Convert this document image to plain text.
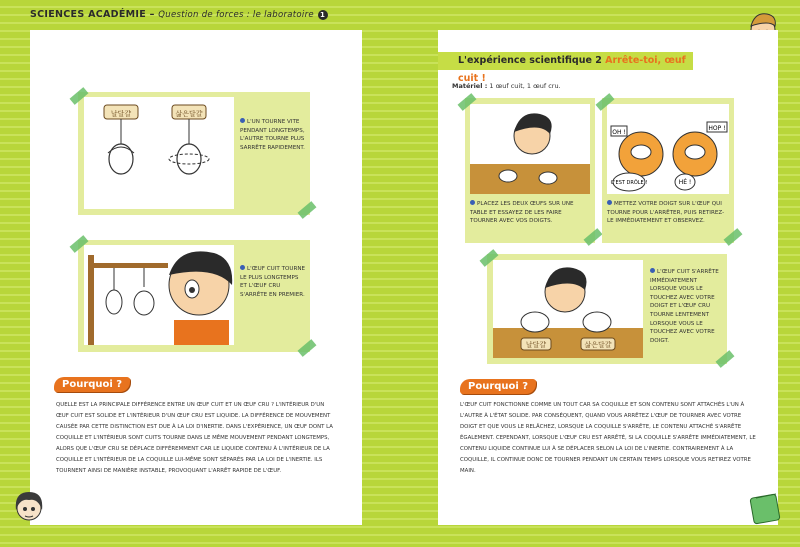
SCIENCES ACADÉMIE – Question de forces : le laboratoire 1
날달걀	삶은달걀
L'UN TOURNE VITE PENDANT LONGTEMPS, L'AUTRE TOURNE PLUS SARRÊTE RAPIDEMENT.
L'ŒUF CUIT TOURNE LE PLUS LONGTEMPS ET L'ŒUF CRU S'ARRÊTE EN PREMIER.
Pourquoi ?
QUELLE EST LA PRINCIPALE DIFFÉRENCE ENTRE UN ŒUF CUIT ET UN ŒUF CRU ? L'INTÉRIEUR D'UN ŒUF CUIT EST SOLIDE ET L'INTÉRIEUR D'UN ŒUF CRU EST LIQUIDE. LA DIFFÉRENCE DE MOUVEMENT CAUSÉE PAR CETTE DISTINCTION EST DUE À LA LOI D'INERTIE. DANS L'EXPÉRIENCE, UN ŒUF DONT LA COQUILLE ET L'INTÉRIEUR SONT CUITS TOURNE DANS LE MÊME MOUVEMENT PENDANT LONGTEMPS, ALORS QUE L'ŒUF CRU SE DÉPLACE DIFFÉREMMENT CAR LE LIQUIDE CONTENU À L'INTÉRIEUR DE LA COQUILLE ET L'INTÉRIEUR DE LA COQUILLE LUI-MÊME SONT SÉPARÉS PAR LA LOI DE L'INERTIE. ILS TOURNENT AINSI DE MANIÈRE INSTABLE, PROVOQUANT L'ARRÊT RAPIDE DE L'ŒUF.
L'expérience scientifique 2 Arrête-toi, œuf cuit !
Matériel : 1 œuf cuit, 1 œuf cru.
PLACEZ LES DEUX ŒUFS SUR UNE TABLE ET ESSAYEZ DE LES FAIRE TOURNER AVEC VOS DOIGTS.
OH !
HOP !
C'EST DRÔLE !	HÉ !
METTEZ VOTRE DOIGT SUR L'ŒUF QUI TOURNE POUR L'ARRÊTER, PUIS RETIREZ-LE IMMÉDIATEMENT ET OBSERVEZ.
날달걀	삶은달걀
L'ŒUF CUIT S'ARRÊTE IMMÉDIATEMENT LORSQUE VOUS LE TOUCHEZ AVEC VOTRE DOIGT ET L'ŒUF CRU TOURNE LENTEMENT LORSQUE VOUS LE TOUCHEZ AVEC VOTRE DOIGT.
Pourquoi ?
L'ŒUF CUIT FONCTIONNE COMME UN TOUT CAR SA COQUILLE ET SON CONTENU SONT ATTACHÉS L'UN À L'AUTRE À L'ÉTAT SOLIDE. PAR CONSÉQUENT, QUAND VOUS ARRÊTEZ L'ŒUF DE TOURNER AVEC VOTRE DOIGT ET QUE VOUS LE RELÂCHEZ, LORSQUE LA COQUILLE S'ARRÊTE, LE CONTENU ATTACHÉ S'ARRÊTE ÉGALEMENT. CEPENDANT, LORSQUE L'ŒUF CRU EST ARRÊTÉ, SI LA COQUILLE S'ARRÊTE IMMÉDIATEMENT, LE CONTENU LIQUIDE CONTINUE LUI À SE DÉPLACER SELON LA LOI DE L'INERTIE. CONTRAIREMENT À LA COQUILLE, IL CONTINUE DONC DE TOURNER PENDANT UN CERTAIN TEMPS LORSQUE VOUS RETIREZ VOTRE MAIN.
